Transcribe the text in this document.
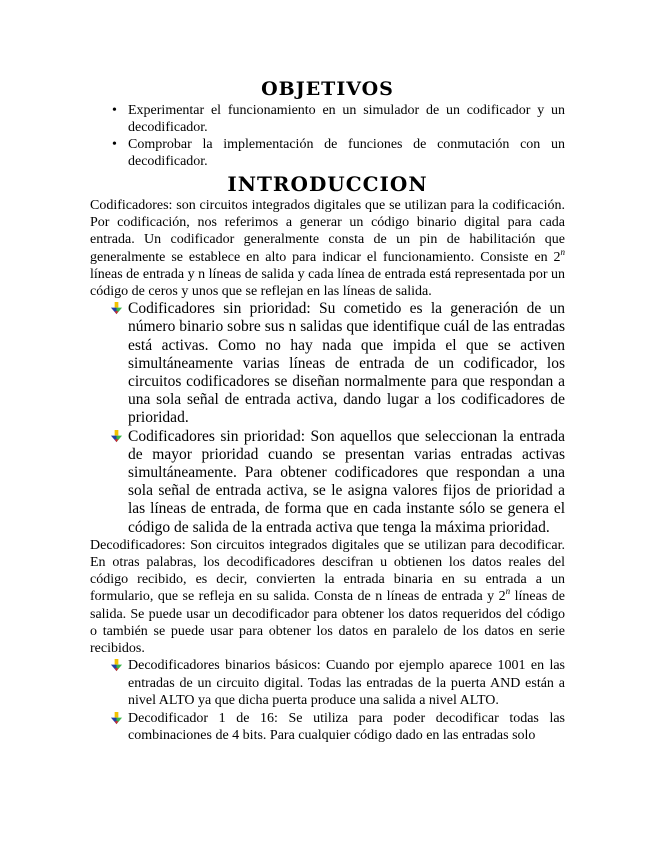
OBJETIVOS
• Experimentar el funcionamiento en un simulador de un codificador y un decodificador.
• Comprobar la implementación de funciones de conmutación con un decodificador.
INTRODUCCION

Codificadores: son circuitos integrados digitales que se utilizan para la codificación. Por codificación, nos referimos a generar un código binario digital para cada entrada. Un codificador generalmente consta de un pin de habilitación que generalmente se establece en alto para indicar el funcionamiento. Consiste en 2$^n$ líneas de entrada y n líneas de salida y cada línea de entrada está representada por un código de ceros y unos que se reflejan en las líneas de salida.

Codificadores sin prioridad: Su cometido es la generación de un número binario sobre sus n salidas que identifique cuál de las entradas está activas. Como no hay nada que impida el que se activen simultáneamente varias líneas de entrada de un codificador, los circuitos codificadores se diseñan normalmente para que respondan a una sola señal de entrada activa, dando lugar a los codificadores de prioridad.
Codificadores sin prioridad: Son aquellos que seleccionan la entrada de mayor prioridad cuando se presentan varias entradas activas simultáneamente. Para obtener codificadores que respondan a una sola señal de entrada activa, se le asigna valores fijos de prioridad a las líneas de entrada, de forma que en cada instante sólo se genera el código de salida de la entrada activa que tenga la máxima prioridad.

Decodificadores: Son circuitos integrados digitales que se utilizan para decodificar. En otras palabras, los decodificadores descifran u obtienen los datos reales del código recibido, es decir, convierten la entrada binaria en su entrada a un formulario, que se refleja en su salida. Consta de n líneas de entrada y 2$^n$ líneas de salida. Se puede usar un decodificador para obtener los datos requeridos del código o también se puede usar para obtener los datos en paralelo de los datos en serie recibidos.

Decodificadores binarios básicos: Cuando por ejemplo aparece 1001 en las entradas de un circuito digital. Todas las entradas de la puerta AND están a nivel ALTO ya que dicha puerta produce una salida a nivel ALTO.
Decodificador 1 de 16: Se utiliza para poder decodificar todas las combinaciones de 4 bits. Para cualquier código dado en las entradas solo
